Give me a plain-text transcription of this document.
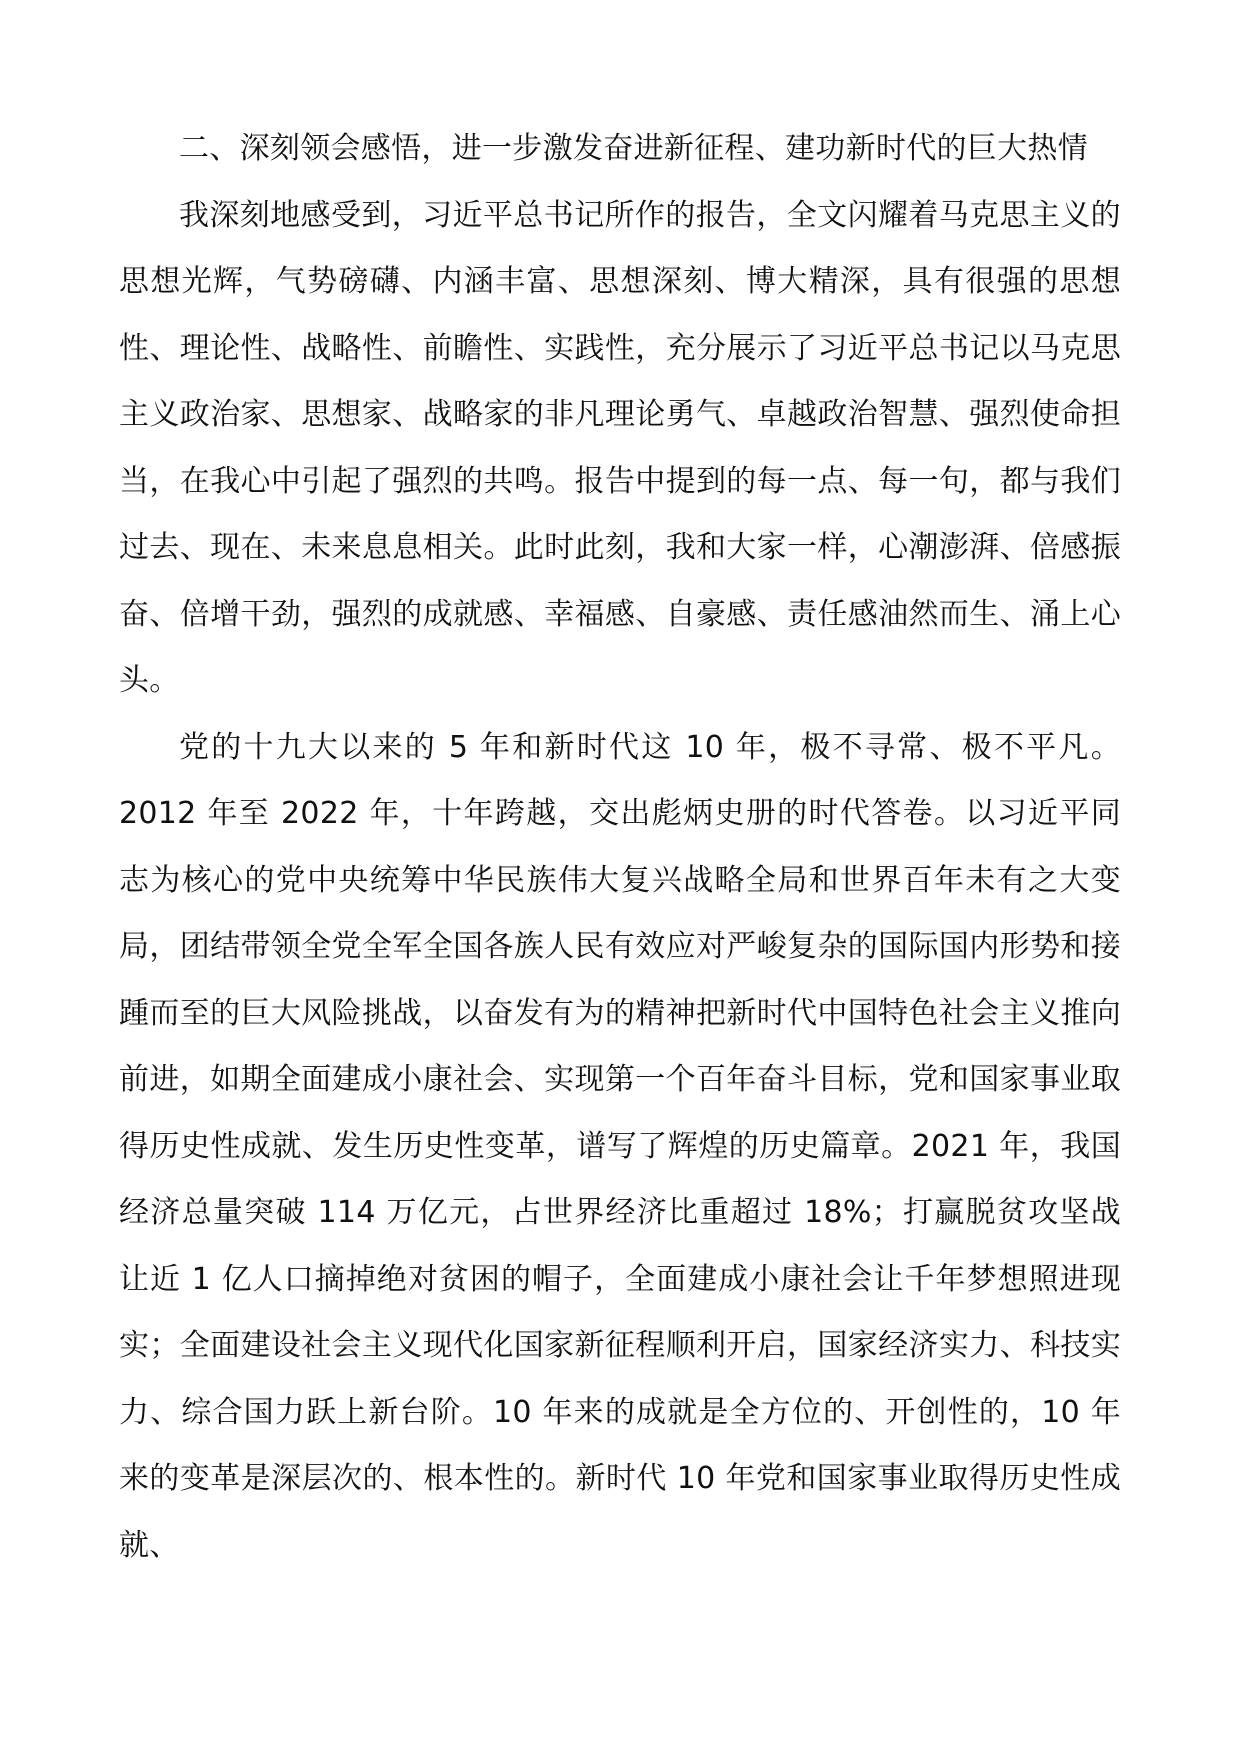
二、深刻领会感悟，进一步激发奋进新征程、建功新时代的巨大热情

我深刻地感受到，习近平总书记所作的报告，全文闪耀着马克思主义的思想光辉，气势磅礴、内涵丰富、思想深刻、博大精深，具有很强的思想性、理论性、战略性、前瞻性、实践性，充分展示了习近平总书记以马克思主义政治家、思想家、战略家的非凡理论勇气、卓越政治智慧、强烈使命担当，在我心中引起了强烈的共鸣。报告中提到的每一点、每一句，都与我们过去、现在、未来息息相关。此时此刻，我和大家一样，心潮澎湃、倍感振奋、倍增干劲，强烈的成就感、幸福感、自豪感、责任感油然而生、涌上心头。

党的十九大以来的 5 年和新时代这 10 年，极不寻常、极不平凡。2012 年至 2022 年，十年跨越，交出彪炳史册的时代答卷。以习近平同志为核心的党中央统筹中华民族伟大复兴战略全局和世界百年未有之大变局，团结带领全党全军全国各族人民有效应对严峻复杂的国际国内形势和接踵而至的巨大风险挑战，以奋发有为的精神把新时代中国特色社会主义推向前进，如期全面建成小康社会、实现第一个百年奋斗目标，党和国家事业取得历史性成就、发生历史性变革，谱写了辉煌的历史篇章。2021 年，我国经济总量突破 114 万亿元，占世界经济比重超过 18%；打赢脱贫攻坚战让近 1 亿人口摘掉绝对贫困的帽子，全面建成小康社会让千年梦想照进现实；全面建设社会主义现代化国家新征程顺利开启，国家经济实力、科技实力、综合国力跃上新台阶。10 年来的成就是全方位的、开创性的，10 年来的变革是深层次的、根本性的。新时代 10 年党和国家事业取得历史性成就、
